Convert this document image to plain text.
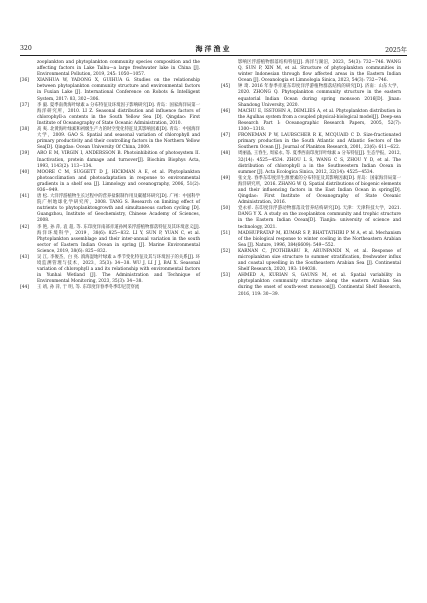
320	海洋渔业	2025年
zooplankton and phytoplankton community species composition and the affecting factors in Lake Taihu—a large freshwater lake in China [J]. Environmental Pollution, 2019, 245: 1050−1057.
[36] XIANHUA W, YADONG X, GUIHUA G. Studies on the relationship between phytoplankton community structure and environmental factors in Fuxian Lake [J]. International Conference on Robots & Intelligent System, 2017: 83, 302−306.
[37] 李 毅. 夏季南黄海叶绿素 a 分布特征及环境因子影响研究[D]. 青岛：国家海洋局第一海洋研究所，2010. LI Z. Seasonal distribution and influence factors of chlorophyll-a contents in the South Yellow Sea [D]. Qingdao: First Institute of Oceanography of State Oceanic Administration, 2010.
[38] 高 爽. 北黄海叶绿素和初级生产力的时空变化特征及其影响因素[D]. 青岛：中国海洋大学，2009. GAO S. Spatial and seasonal variation of chlorophyll and primary productivity and their controlling factors in the Northern Yellow Sea[D]. Qingdao: Ocean University Of China, 2009.
[39] ARO E M, VIRGIN I, ANDERSSON B. Photoinhibition of photosystem II. Inactivation, protein damage and turnover[J]. Biochim Biophys Acta, 1993, 1143(2): 113−134.
[40] MOORE C M, SUGGETT D J, HICKMAN A E, et al. Phytoplankton photoacclimation and photoadaptation in response to environmental gradients in a shelf sea [J]. Limnology and oceanography, 2006, 51(2): 936−949.
[41] 唐 松. 大洋浮游植物生长过程中的营养盐限制作用及碳循环研究[D]. 广州：中国科学院广州地球化学研究所，2008. TANG S. Research on limiting effect of nutrients to phytoplanktongrowth and simultaneous carbon cycling [D]. Guangzhou, Institute of Geochemistry, Chinese Academy of Sciences, 2008.
[42] 李 艳, 孙 萍, 袁 超, 等. 东印度洋南部赤道孙网采浮游植物群落特征及其环境意义[J]. 海洋环境科学，2019，38(6): 825−832. LI Y, SUN P, YUAN C, et al. Phytoplankton assemblage and their inter-annual variation in the south sector of Eastern Indian Ocean in spring [J]. Marine Environmental Science, 2019, 38(6): 825−832.
[43] 吴 江, 李俊杰，白 亮. 滇海湿地叶绿素 a 季节变化特征及其与环境因子的关系[J]. 环境监测管理与技术，2023，35(3): 34−38. WU J, LI J J, BAI X. Seasonal variation of chlorophyll a and its relationship with environmental factors in Yunhai Wetland [J]. The Administration and Technique of Environmental Monitoring, 2023, 35(3): 34−38.
[44] 王 靖, 孙 萍, 于 明, 等. 东印度洋春季冬季印尼贯穿流
影响区浮游植物群落结构特征[J]. 海洋与湖沼，2023，54(3): 732−746. WANG Q, SUN P, XIN M, et al. Structure of phytoplankton communities in winter Indonesian through flow affected areas in the Eastern Indian Ocean [J]. Oceanologia et Limnologia Sinica, 2023, 54(3): 732−746.
[45] 钟 琦. 2016 年春季赤道东印度洋浮游植物群落结构的研究[D]. 济南：山东大学，2020. ZHONG Q. Phytoplankton community structure in the eastern equatorial Indian Ocean during spring monsoon 2016[D]. Jinan: Shandong University, 2020.
[46] MACHU E, ISSTOHN A, DEMLIES A, et al. Phytoplankton distribution in the Agulhas system from a coupled physical-biological model[J]. Deep-sea Research Part I: Oceanographic Research Papers, 2005, 52(7): 1300−1318.
[47] FRONEMAN P W, LAUBSCHER R K, MCQUAID C D. Size-fractionated primary production in the South Atlantic and Atlantic Sectors of the Southern Ocean [J]. Journal of Plankton Research, 2001, 23(6): 611−622.
[48] 周丽晶, 王春生, 周家永, 等. 夏季西南印度洋叶绿素 a 分布特征[J]. 生态学报，2012, 32(14): 4525−4534. ZHOU L S, WANG C S, ZHOU Y D, et al. The distribution of chlorophyll a in the Southwestern Indian Ocean in summer [J]. Acta Ecologica Sinica, 2012, 32(14): 4525−4534.
[49] 张文龙. 春季东印度洋生源要素的分布特征及其影响因素[D]. 青岛：国家海洋局第一海洋研究所，2016. ZHANG W Q. Spatial distributions of biogenic elements and their influencing factors in the East Indian Ocean in spring[D]. Qingdao: First Institute of Oceanography of State Oceanic Administration, 2016.
[50] 党永祥. 东印度洋浮游动物群落及营养结构研究[D]. 天津：天津科技大学，2021. DANG Y X. A study on the zooplankton community and trophic structure in the Eastern Indian Ocean[D]. Tianjin: university of science and technology, 2021.
[51] MADHUPRATAP M, KUMAR S P, BHATTATHIRI P M A, et al. Mechanism of the biological response to winter cooling in the Northeastern Arabian Sea [J]. Nature, 1996, 384(6609): 549−552.
[52] KARNAN C, JYOTHIBABU R, ARUNPANDI N, et al. Response of microplankton size structure to summer stratification, freshwater influx and coastal upwelling in the Southeastern Arabian Sea [J]. Continental Shelf Research, 2020, 193: 104038.
[53] AHMED A, KURIAN S, GAUNS M, et al. Spatial variability in phytoplankton community structure along the eastern Arabian Sea during the onset of south-west monsoon[J]. Continental Shelf Research, 2016, 119: 30−39.
